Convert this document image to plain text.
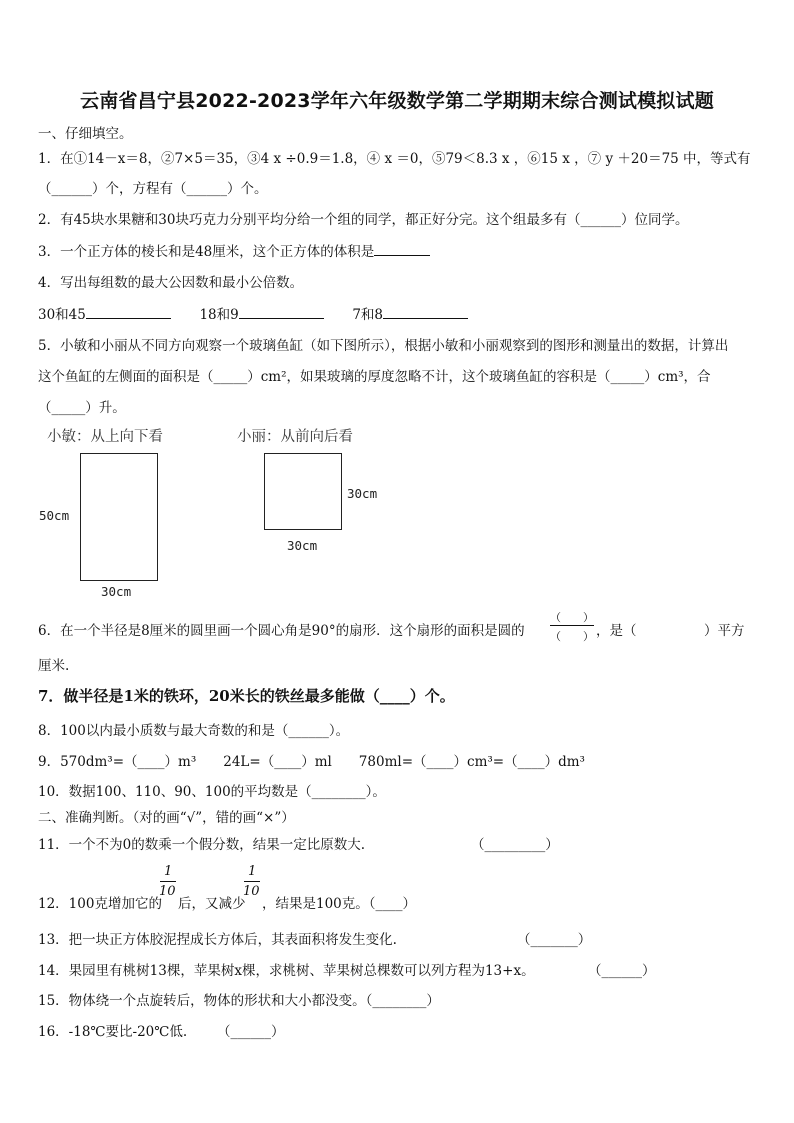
云南省昌宁县2022-2023学年六年级数学第二学期期末综合测试模拟试题
一、仔细填空。
1．在①14－x＝8，②7×5＝35，③4 x ÷0.9＝1.8，④ x ＝0，⑤79＜8.3 x ，⑥15 x ，⑦ y ＋20＝75 中，等式有
（______）个，方程有（______）个。
2．有45块水果糖和30块巧克力分别平均分给一个组的同学，都正好分完。这个组最多有（______）位同学。
3．一个正方体的棱长和是48厘米，这个正方体的体积是
4．写出每组数的最大公因数和最小公倍数。
30和45	18和9	7和8
5．小敏和小丽从不同方向观察一个玻璃鱼缸（如下图所示），根据小敏和小丽观察到的图形和测量出的数据，计算出
这个鱼缸的左侧面的面积是（_____）cm²，如果玻璃的厚度忽略不计，这个玻璃鱼缸的容积是（_____）cm³，合
（_____）升。
小敏：从上向下看	小丽：从前向后看
50cm
30cm
30cm
30cm
6．在一个半径是8厘米的圆里画一个圆心角是90°的扇形．这个扇形的面积是圆的
（　　）
（　　） ，是（　　　　　）平方
厘米.
7．做半径是1米的铁环，20米长的铁丝最多能做（____）个。
8．100以内最小质数与最大奇数的和是（______）。
9．570dm³=（____）m³　　24L=（____）ml　　780ml=（____）cm³=（____）dm³
10．数据100、110、90、100的平均数是（________）。
二、准确判断。（对的画“√”，错的画“×”）
11．一个不为0的数乘一个假分数，结果一定比原数大.	（_________）
12．100克增加它的
1
10
后，又减少
1
10
，结果是100克。（____）
13．把一块正方体胶泥捏成长方体后，其表面积将发生变化.	（_______）
14．果园里有桃树13棵，苹果树x棵，求桃树、苹果树总棵数可以列方程为13+x。	（______）
15．物体绕一个点旋转后，物体的形状和大小都没变。（________）
16．-18℃要比-20℃低. （______）
